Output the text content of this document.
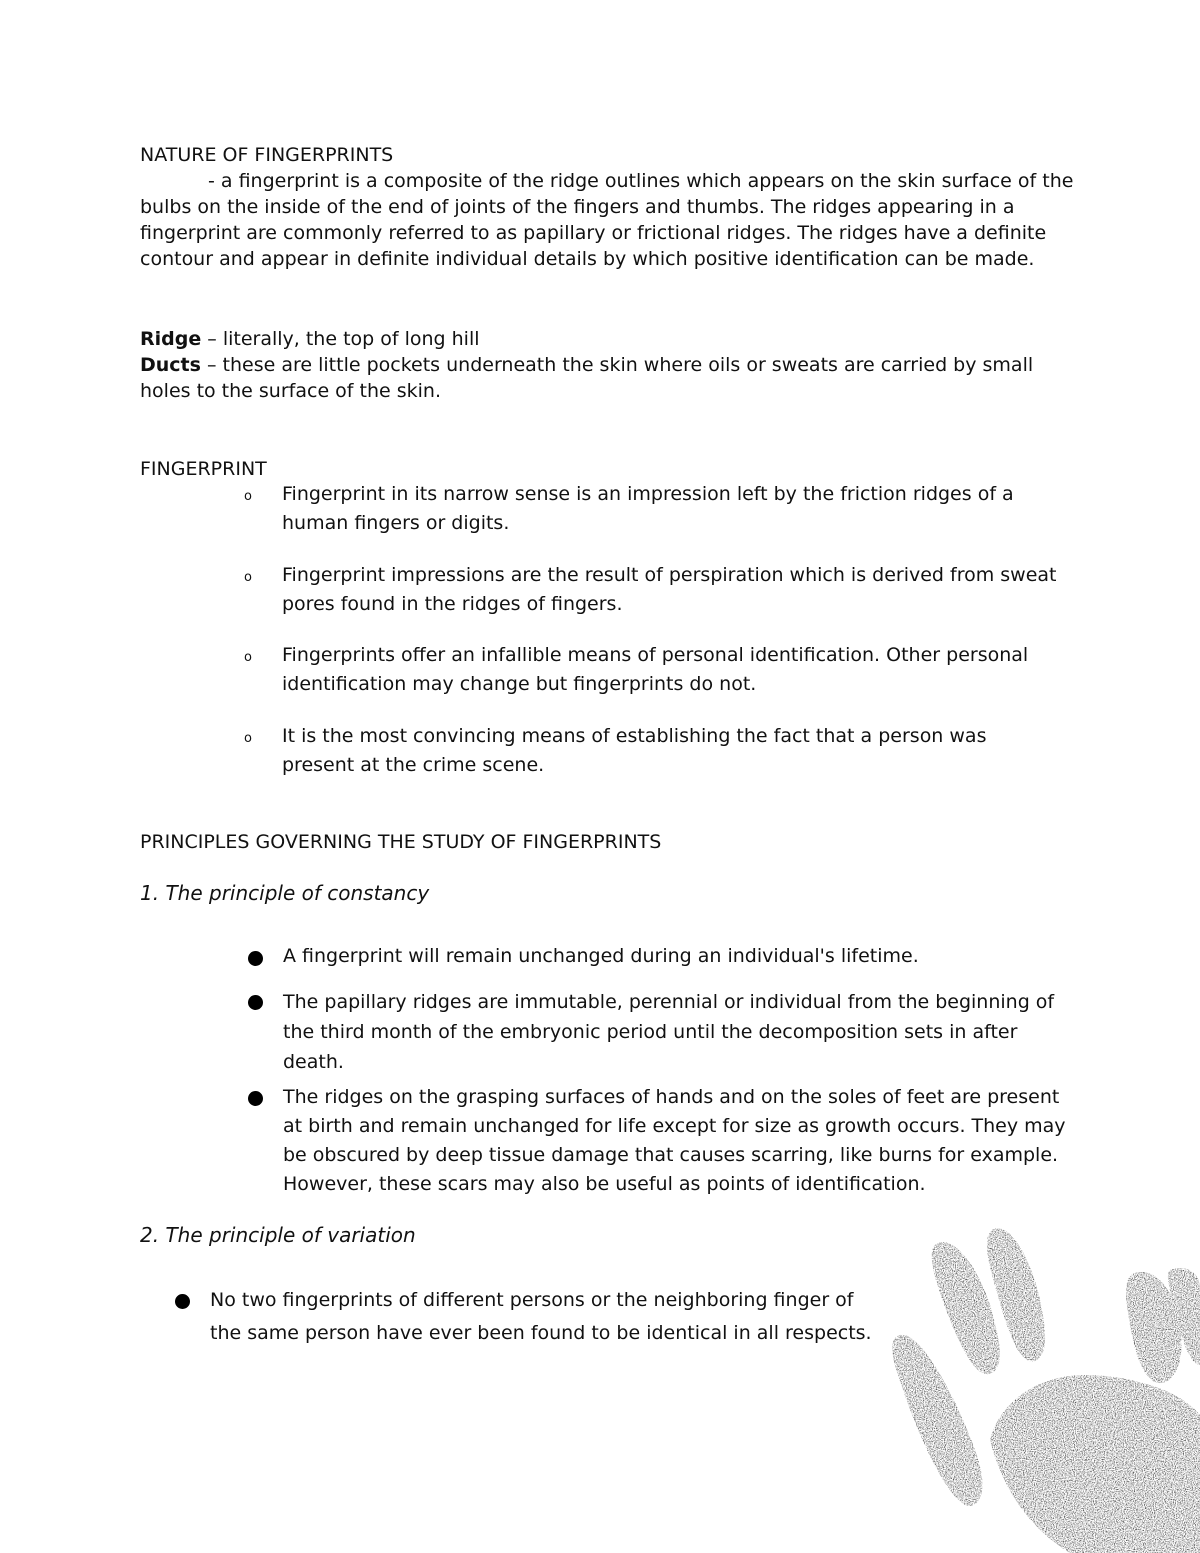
NATURE OF FINGERPRINTS
- a fingerprint is a composite of the ridge outlines which appears on the skin surface of the bulbs on the inside of the end of joints of the fingers and thumbs. The ridges appearing in a fingerprint are commonly referred to as papillary or frictional ridges. The ridges have a definite contour and appear in definite individual details by which positive identification can be made.
Ridge – literally, the top of long hill
Ducts – these are little pockets underneath the skin where oils or sweats are carried by small holes to the surface of the skin.
FINGERPRINT
o Fingerprint in its narrow sense is an impression left by the friction ridges of a human fingers or digits.
o Fingerprint impressions are the result of perspiration which is derived from sweat pores found in the ridges of fingers.
o Fingerprints offer an infallible means of personal identification. Other personal identification may change but fingerprints do not.
o It is the most convincing means of establishing the fact that a person was present at the crime scene.
PRINCIPLES GOVERNING THE STUDY OF FINGERPRINTS
1. The principle of constancy
A fingerprint will remain unchanged during an individual's lifetime.
The papillary ridges are immutable, perennial or individual from the beginning of the third month of the embryonic period until the decomposition sets in after death.
The ridges on the grasping surfaces of hands and on the soles of feet are present at birth and remain unchanged for life except for size as growth occurs. They may be obscured by deep tissue damage that causes scarring, like burns for example. However, these scars may also be useful as points of identification.
2. The principle of variation
No two fingerprints of different persons or the neighboring finger of the same person have ever been found to be identical in all respects.
